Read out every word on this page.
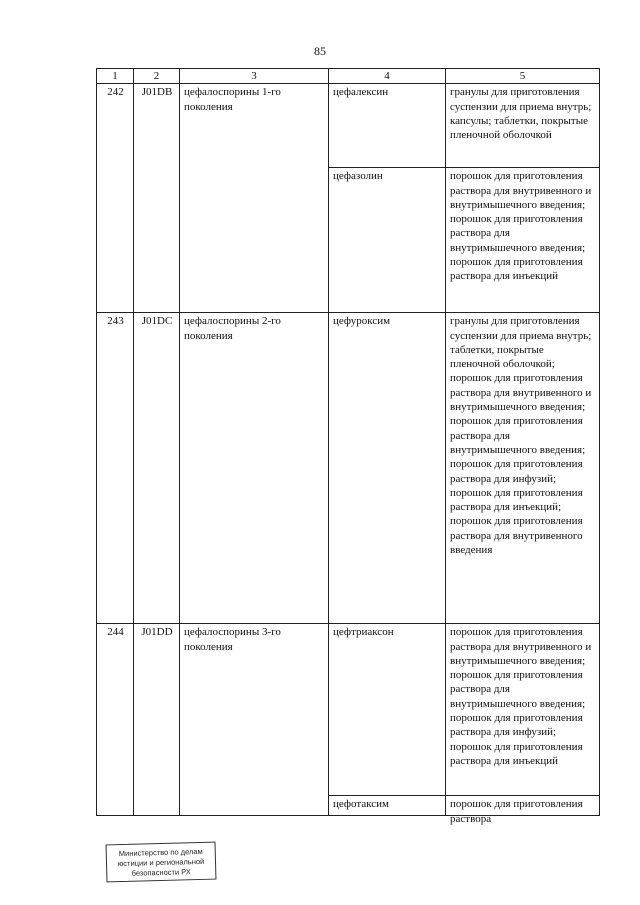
85
1	2	3	4	5
242	J01DB	цефалоспорины 1-го поколения	цефалексин	гранулы для приготовления суспензии для приема внутрь; капсулы; таблетки, покрытые пленочной оболочкой
			цефазолин	порошок для приготовления раствора для внутривенного и внутримышечного введения; порошок для приготовления раствора для внутримышечного введения; порошок для приготовления раствора для инъекций
243	J01DC	цефалоспорины 2-го поколения	цефуроксим	гранулы для приготовления суспензии для приема внутрь; таблетки, покрытые пленочной оболочкой; порошок для приготовления раствора для внутривенного и внутримышечного введения; порошок для приготовления раствора для внутримышечного введения; порошок для приготовления раствора для инфузий; порошок для приготовления раствора для инъекций; порошок для приготовления раствора для внутривенного введения
244	J01DD	цефалоспорины 3-го поколения	цефтриаксон	порошок для приготовления раствора для внутривенного и внутримышечного введения; порошок для приготовления раствора для внутримышечного введения; порошок для приготовления раствора для инфузий; порошок для приготовления раствора для инъекций

			цефотаксим	порошок для приготовления раствора
Министерство по делам
юстиции и региональной
безопасности РХ
